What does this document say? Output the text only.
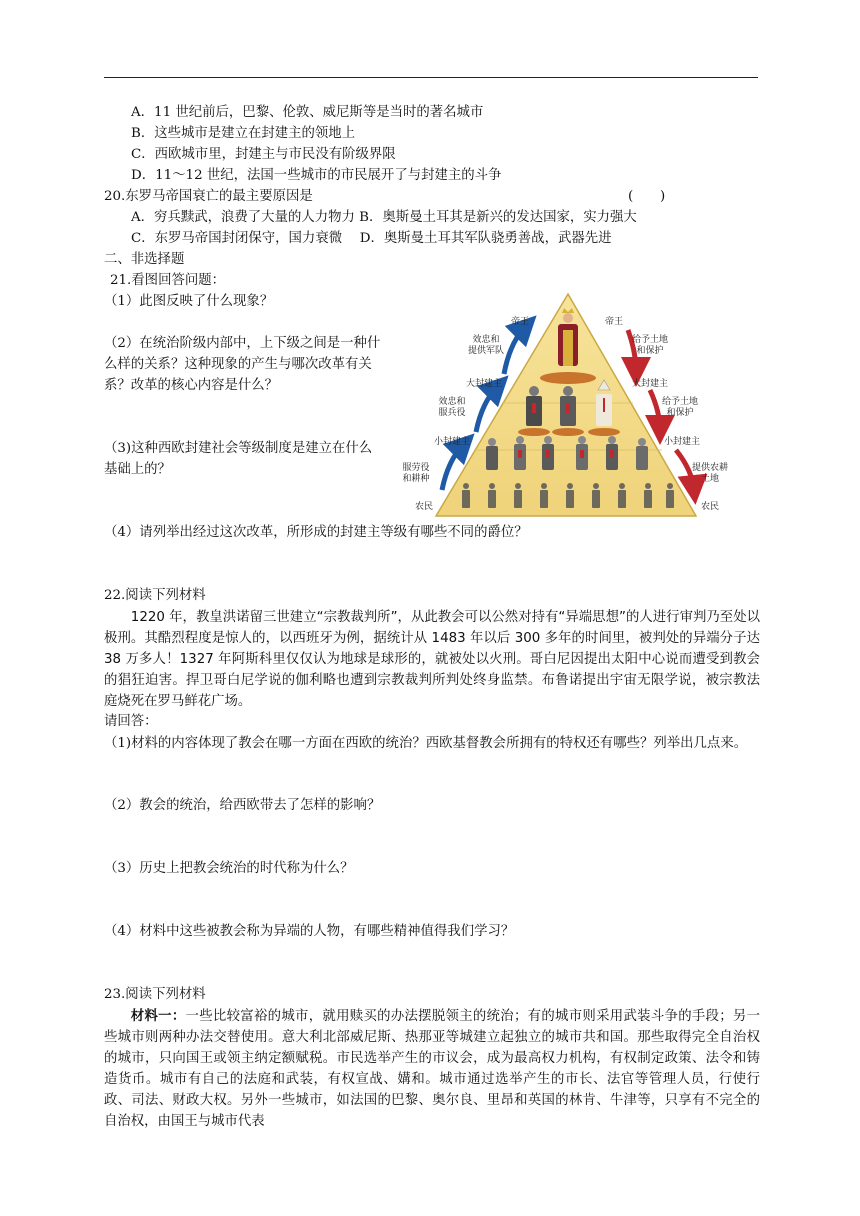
A．11 世纪前后，巴黎、伦敦、威尼斯等是当时的著名城市
B．这些城市是建立在封建主的领地上
C．西欧城市里，封建主与市民没有阶级界限
D．11～12 世纪，法国一些城市的市民展开了与封建主的斗争
20.东罗马帝国衰亡的最主要原因是	(　　)
A．穷兵黩武，浪费了大量的人力物力 B．奥斯曼土耳其是新兴的发达国家，实力强大
C．东罗马帝国封闭保守，国力衰微　 D．奥斯曼土耳其军队骁勇善战，武器先进
二、非选择题
21.看图回答问题：
（1）此图反映了什么现象？
（2）在统治阶级内部中，上下级之间是一种什
么样的关系？这种现象的产生与哪次改革有关
系？改革的核心内容是什么？
（3)这种西欧封建社会等级制度是建立在什么
基础上的？
（4）请列举出经过这次改革，所形成的封建主等级有哪些不同的爵位？
帝王	帝王
大封建主	大封建主
小封建主	小封建主
农民	农民
效忠和
提供军队
效忠和
服兵役
服劳役
和耕种
给予土地
和保护
给予土地
和保护
提供农耕
土地
22.阅读下列材料
1220 年，教皇洪诺留三世建立“宗教裁判所”，从此教会可以公然对持有“异端思想”的人进行审判乃至处以极刑。其酷烈程度是惊人的，以西班牙为例，据统计从 1483 年以后 300 多年的时间里，被判处的异端分子达 38 万多人！1327 年阿斯科里仅仅认为地球是球形的，就被处以火刑。哥白尼因提出太阳中心说而遭受到教会的猖狂迫害。捍卫哥白尼学说的伽利略也遭到宗教裁判所判处终身监禁。布鲁诺提出宇宙无限学说，被宗教法庭烧死在罗马鲜花广场。
请回答：
（1)材料的内容体现了教会在哪一方面在西欧的统治？西欧基督教会所拥有的特权还有哪些？列举出几点来。
（2）教会的统治，给西欧带去了怎样的影响？
（3）历史上把教会统治的时代称为什么？
（4）材料中这些被教会称为异端的人物，有哪些精神值得我们学习？
23.阅读下列材料
材料一：一些比较富裕的城市，就用赎买的办法摆脱领主的统治；有的城市则采用武装斗争的手段；另一些城市则两种办法交替使用。意大利北部威尼斯、热那亚等城建立起独立的城市共和国。那些取得完全自治权的城市，只向国王或领主纳定额赋税。市民选举产生的市议会，成为最高权力机构，有权制定政策、法令和铸造货币。城市有自己的法庭和武装，有权宣战、媾和。城市通过选举产生的市长、法官等管理人员，行使行政、司法、财政大权。另外一些城市，如法国的巴黎、奥尔良、里昂和英国的林肯、牛津等，只享有不完全的自治权，由国王与城市代表
